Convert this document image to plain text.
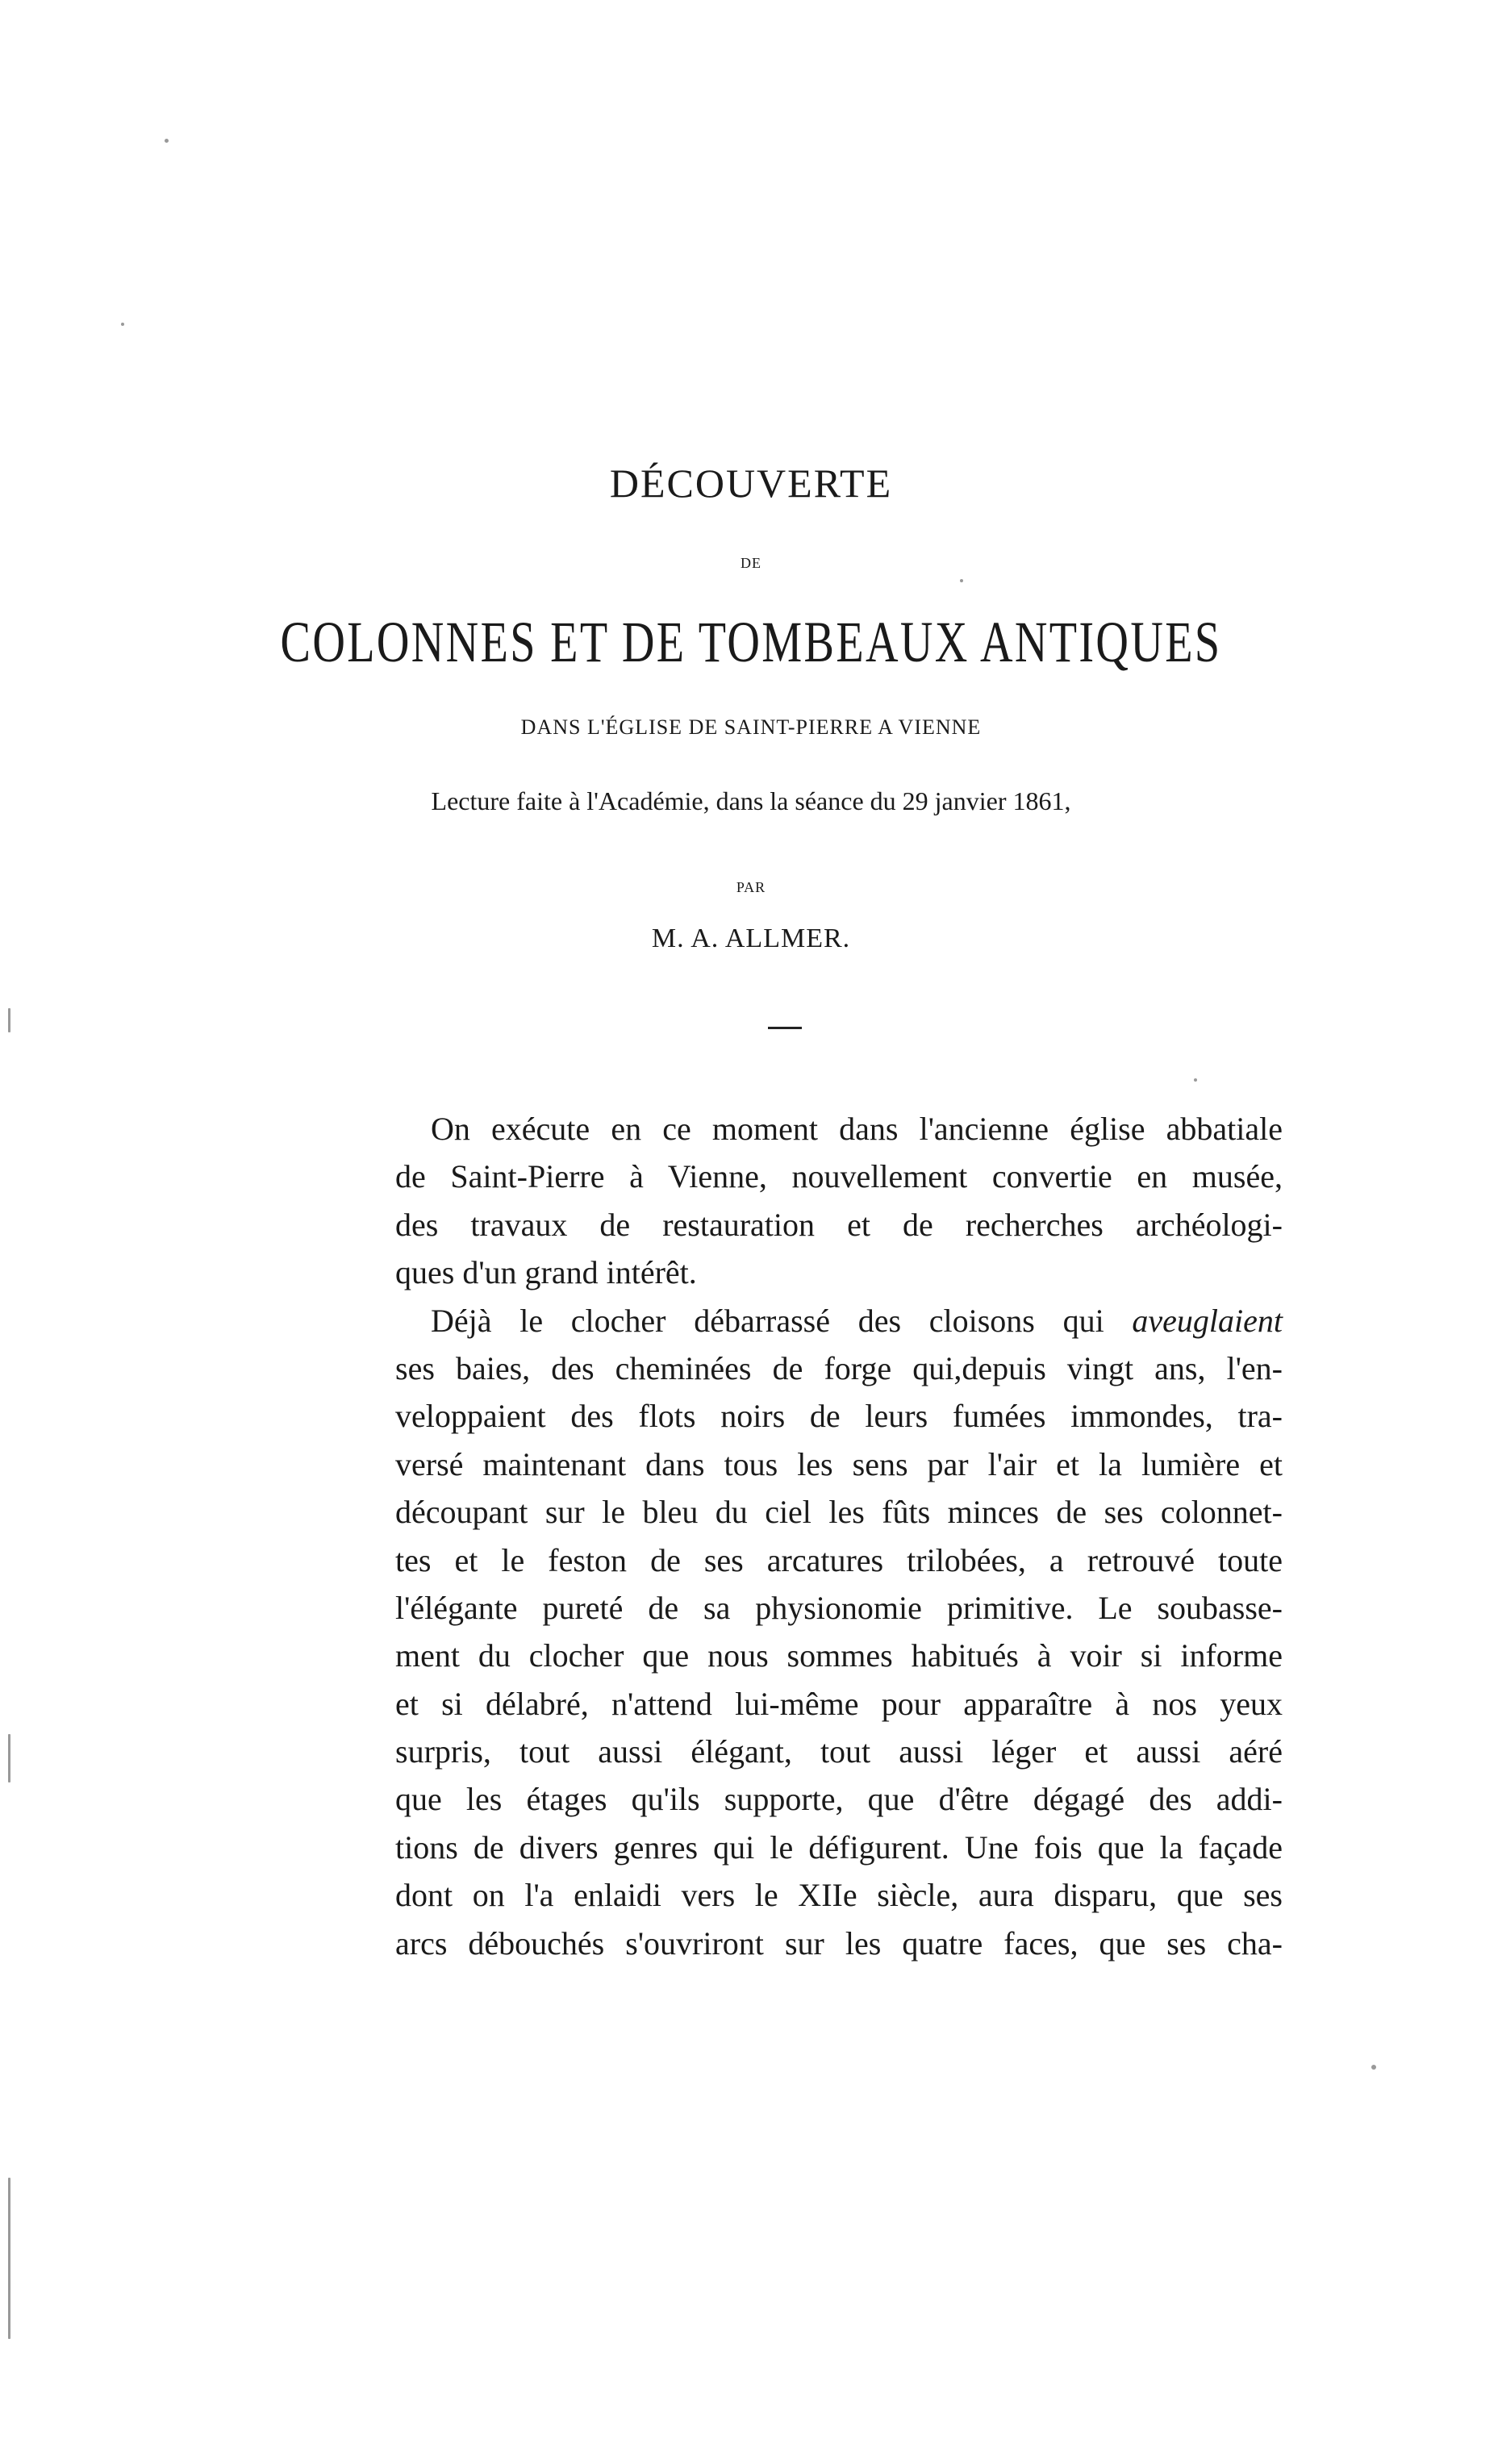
DÉCOUVERTE
DE
COLONNES ET DE TOMBEAUX ANTIQUES
DANS L'ÉGLISE DE SAINT-PIERRE A VIENNE
Lecture faite à l'Académie, dans la séance du 29 janvier 1861,
PAR
M. A. ALLMER.
On exécute en ce moment dans l'ancienne église abbatiale
de Saint-Pierre à Vienne, nouvellement convertie en musée,
des travaux de restauration et de recherches archéologi-
ques d'un grand intérêt.
Déjà le clocher débarrassé des cloisons qui aveuglaient
ses baies, des cheminées de forge qui,depuis vingt ans, l'en-
veloppaient des flots noirs de leurs fumées immondes, tra-
versé maintenant dans tous les sens par l'air et la lumière et
découpant sur le bleu du ciel les fûts minces de ses colonnet-
tes et le feston de ses arcatures trilobées, a retrouvé toute
l'élégante pureté de sa physionomie primitive. Le soubasse-
ment du clocher que nous sommes habitués à voir si informe
et si délabré, n'attend lui-même pour apparaître à nos yeux
surpris, tout aussi élégant, tout aussi léger et aussi aéré
que les étages qu'ils supporte, que d'être dégagé des addi-
tions de divers genres qui le défigurent. Une fois que la façade
dont on l'a enlaidi vers le XIIe siècle, aura disparu, que ses
arcs débouchés s'ouvriront sur les quatre faces, que ses cha-
